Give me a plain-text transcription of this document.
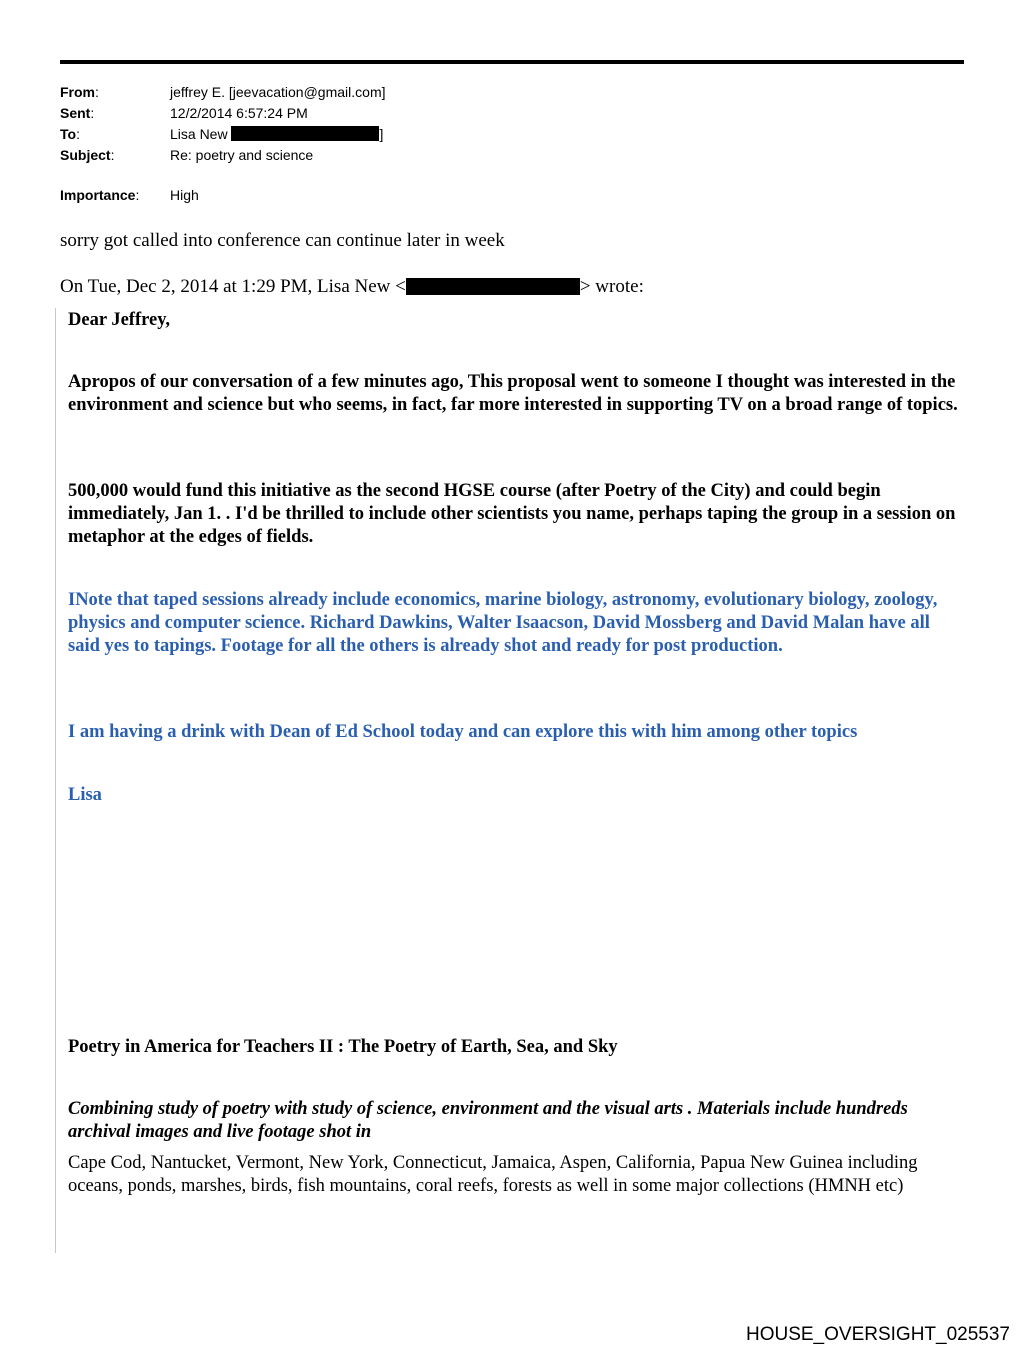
From:	jeffrey E. [jeevacation@gmail.com]
Sent:	12/2/2014 6:57:24 PM
To:	Lisa New	]
Subject:	Re: poetry and science
Importance: High
sorry got called into conference can continue later in week
On Tue, Dec 2, 2014 at 1:29 PM, Lisa New <	> wrote:
Dear Jeffrey,
Apropos of our conversation of a few minutes ago, This proposal went to someone I thought was interested in the environment and science but who seems, in fact, far more interested in supporting TV on a broad range of topics.
500,000 would fund this initiative as the second HGSE course (after Poetry of the City) and could begin immediately, Jan 1. . I'd be thrilled to include other scientists you name, perhaps taping the group in a session on metaphor at the edges of fields.
INote that taped sessions already include economics, marine biology, astronomy, evolutionary biology, zoology, physics and computer science. Richard Dawkins, Walter Isaacson, David Mossberg and David Malan have all said yes to tapings. Footage for all the others is already shot and ready for post production.
I am having a drink with Dean of Ed School today and can explore this with him among other topics
Lisa
Poetry in America for Teachers II : The Poetry of Earth, Sea, and Sky
Combining study of poetry with study of science, environment and the visual arts . Materials include hundreds archival images and live footage shot in
Cape Cod, Nantucket, Vermont, New York, Connecticut, Jamaica, Aspen, California, Papua New Guinea including oceans, ponds, marshes, birds, fish mountains, coral reefs, forests as well in some major collections (HMNH etc)
HOUSE_OVERSIGHT_025537
